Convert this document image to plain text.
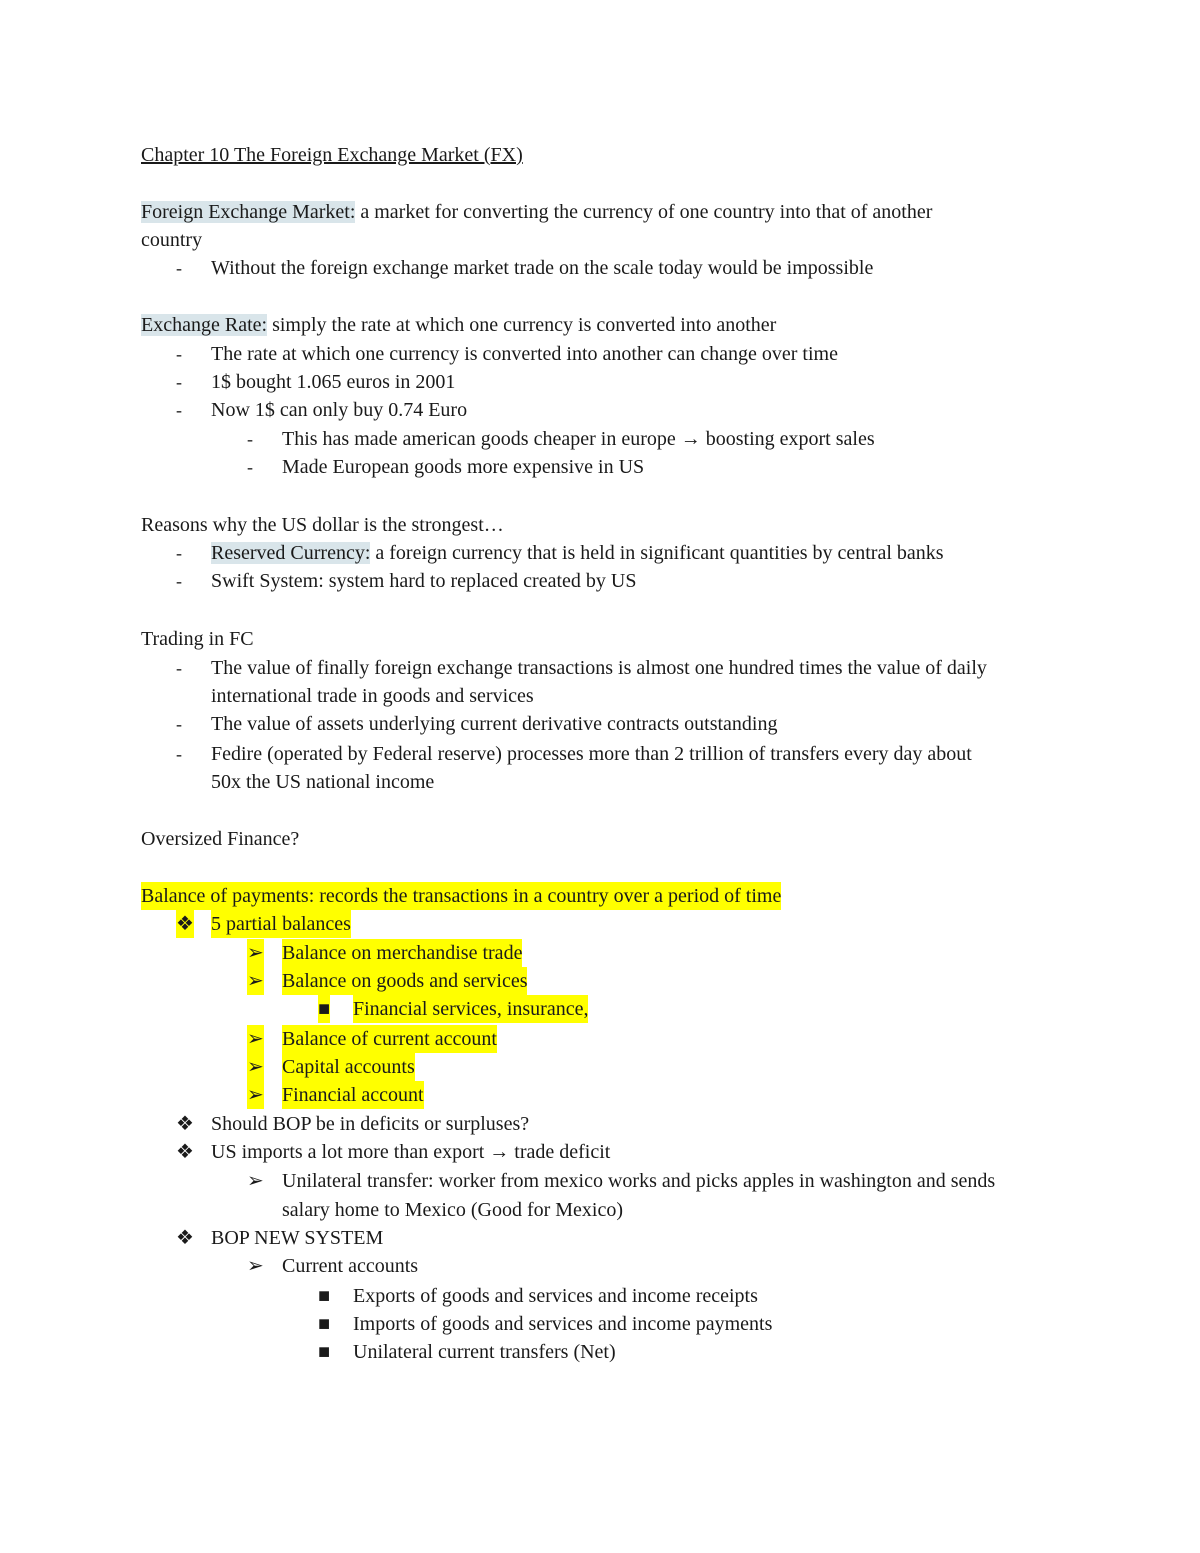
Chapter 10 The Foreign Exchange Market (FX)
Foreign Exchange Market: a market for converting the currency of one country into that of another
country
- Without the foreign exchange market trade on the scale today would be impossible
Exchange Rate: simply the rate at which one currency is converted into another
- The rate at which one currency is converted into another can change over time
- 1$ bought 1.065 euros in 2001
- Now 1$ can only buy 0.74 Euro
- This has made american goods cheaper in europe → boosting export sales
- Made European goods more expensive in US
Reasons why the US dollar is the strongest…
- Reserved Currency: a foreign currency that is held in significant quantities by central banks
- Swift System: system hard to replaced created by US
Trading in FC
- The value of finally foreign exchange transactions is almost one hundred times the value of daily
international trade in goods and services
- The value of assets underlying current derivative contracts outstanding
- Fedire (operated by Federal reserve) processes more than 2 trillion of transfers every day about
50x the US national income
Oversized Finance?
Balance of payments: records the transactions in a country over a period of time
❖ 5 partial balances
➢ Balance on merchandise trade
➢ Balance on goods and services
■ Financial services, insurance,
➢ Balance of current account
➢ Capital accounts
➢ Financial account
❖ Should BOP be in deficits or surpluses?
❖ US imports a lot more than export → trade deficit
➢ Unilateral transfer: worker from mexico works and picks apples in washington and sends
salary home to Mexico (Good for Mexico)
❖ BOP NEW SYSTEM
➢ Current accounts
■ Exports of goods and services and income receipts
■ Imports of goods and services and income payments
■ Unilateral current transfers (Net)
